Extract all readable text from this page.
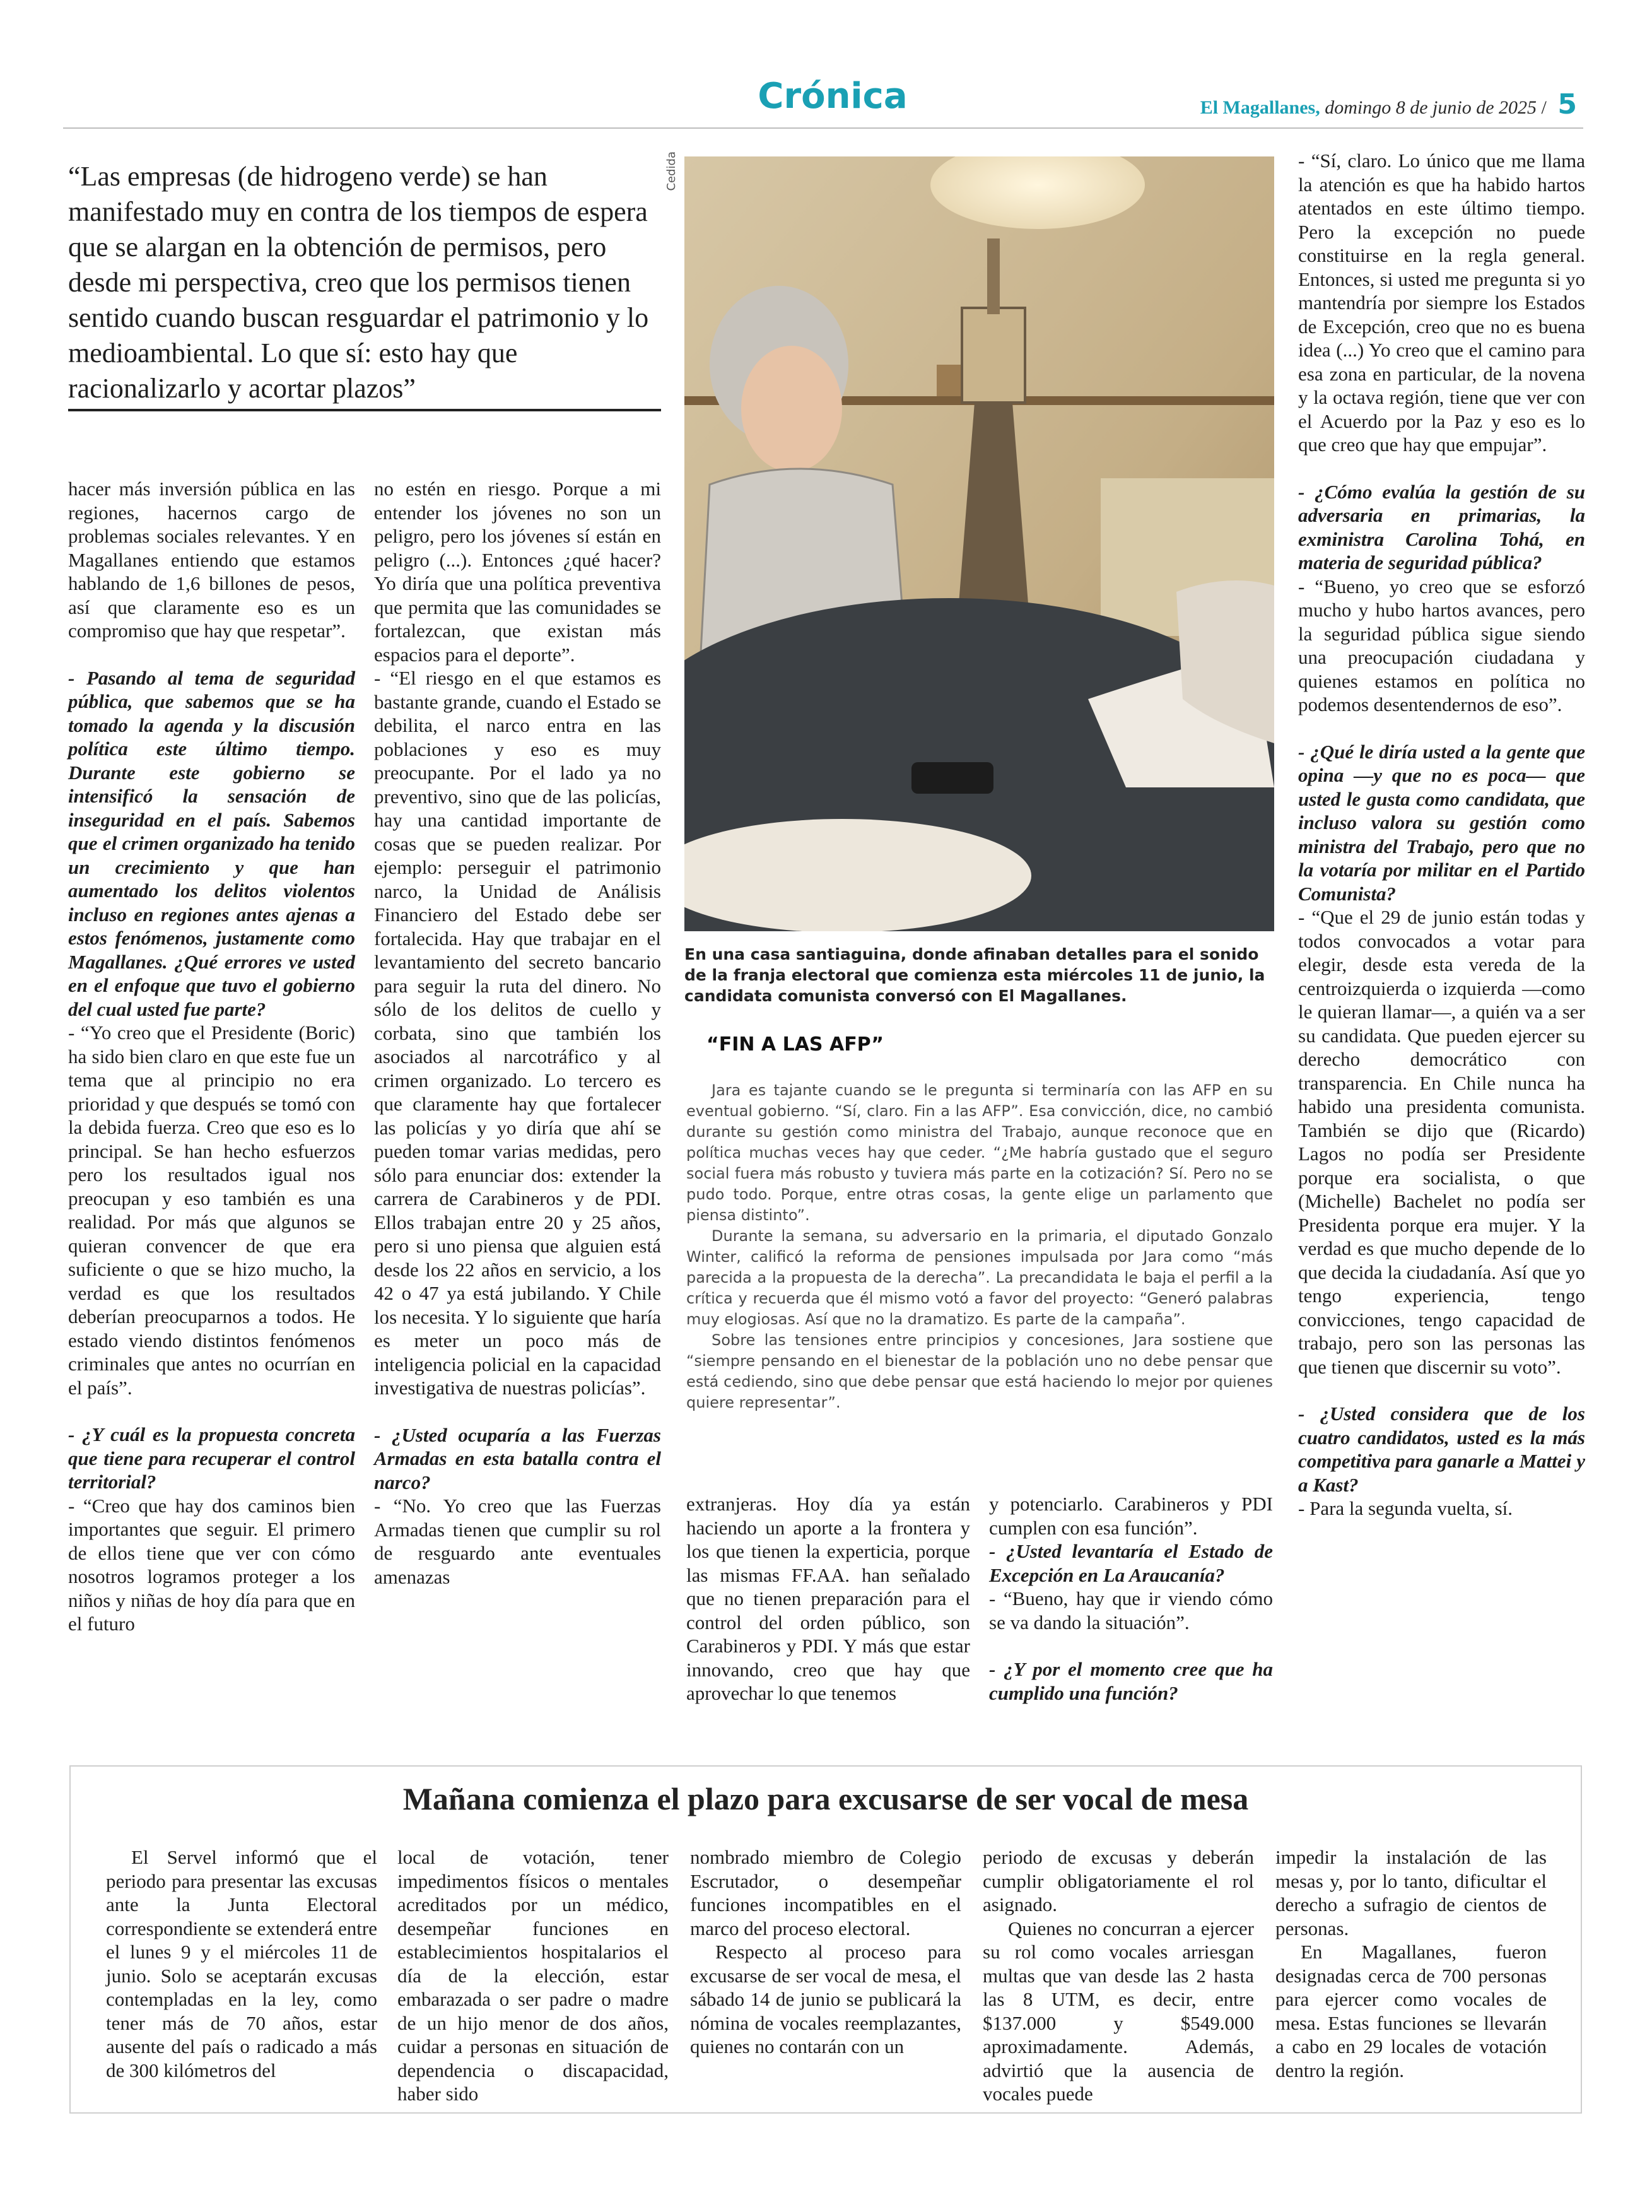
Crónica	El Magallanes, domingo 8 de junio de 2025 / 5
“Las empresas (de hidrogeno verde) se han manifestado muy en contra de los tiempos de espera que se alargan en la obtención de permisos, pero desde mi perspectiva, creo que los permisos tienen sentido cuando buscan resguardar el patrimonio y lo medioambiental. Lo que sí: esto hay que racionalizarlo y acortar plazos”

hacer más inversión pública en las regiones, hacernos cargo de problemas sociales relevantes. Y en Magallanes entiendo que estamos hablando de 1,6 billones de pesos, así que claramente eso es un compromiso que hay que respetar”.

- Pasando al tema de seguridad pública, que sabemos que se ha tomado la agenda y la discusión política este último tiempo. Durante este gobierno se intensificó la sensación de inseguridad en el país. Sabemos que el crimen organizado ha tenido un crecimiento y que han aumentado los delitos violentos incluso en regiones antes ajenas a estos fenómenos, justamente como Magallanes. ¿Qué errores ve usted en el enfoque que tuvo el gobierno del cual usted fue parte?

- “Yo creo que el Presidente (Boric) ha sido bien claro en que este fue un tema que al principio no era prioridad y que después se tomó con la debida fuerza. Creo que eso es lo principal. Se han hecho esfuerzos pero los resultados igual nos preocupan y eso también es una realidad. Por más que algunos se quieran convencer de que era suficiente o que se hizo mucho, la verdad es que los resultados deberían preocuparnos a todos. He estado viendo distintos fenómenos criminales que antes no ocurrían en el país”.

- ¿Y cuál es la propuesta concreta que tiene para recuperar el control territorial?

- “Creo que hay dos caminos bien importantes que seguir. El primero de ellos tiene que ver con cómo nosotros logramos proteger a los niños y niñas de hoy día para que en el futuro

no estén en riesgo. Porque a mi entender los jóvenes no son un peligro, pero los jóvenes sí están en peligro (...). Entonces ¿qué hacer? Yo diría que una política preventiva que permita que las comunidades se fortalezcan, que existan más espacios para el deporte”.

- “El riesgo en el que estamos es bastante grande, cuando el Estado se debilita, el narco entra en las poblaciones y eso es muy preocupante. Por el lado ya no preventivo, sino que de las policías, hay una cantidad importante de cosas que se pueden realizar. Por ejemplo: perseguir el patrimonio narco, la Unidad de Análisis Financiero del Estado debe ser fortalecida. Hay que trabajar en el levantamiento del secreto bancario para seguir la ruta del dinero. No sólo de los delitos de cuello y corbata, sino que también los asociados al narcotráfico y al crimen organizado. Lo tercero es que claramente hay que fortalecer las policías y yo diría que ahí se pueden tomar varias medidas, pero sólo para enunciar dos: extender la carrera de Carabineros y de PDI. Ellos trabajan entre 20 y 25 años, pero si uno piensa que alguien está desde los 22 años en servicio, a los 42 o 47 ya está jubilando. Y Chile los necesita. Y lo siguiente que haría es meter un poco más de inteligencia policial en la capacidad investigativa de nuestras policías”.

- ¿Usted ocuparía a las Fuerzas Armadas en esta batalla contra el narco?

- “No. Yo creo que las Fuerzas Armadas tienen que cumplir su rol de resguardo ante eventuales amenazas

Cedida
En una casa santiaguina, donde afinaban detalles para el sonido de la franja electoral que comienza esta miércoles 11 de junio, la candidata comunista conversó con El Magallanes.
“FIN A LAS AFP”

Jara es tajante cuando se le pregunta si terminaría con las AFP en su eventual gobierno. “Sí, claro. Fin a las AFP”. Esa convicción, dice, no cambió durante su gestión como ministra del Trabajo, aunque reconoce que en política muchas veces hay que ceder. “¿Me habría gustado que el seguro social fuera más robusto y tuviera más parte en la cotización? Sí. Pero no se pudo todo. Porque, entre otras cosas, la gente elige un parlamento que piensa distinto”.

Durante la semana, su adversario en la primaria, el diputado Gonzalo Winter, calificó la reforma de pensiones impulsada por Jara como “más parecida a la propuesta de la derecha”. La precandidata le baja el perfil a la crítica y recuerda que él mismo votó a favor del proyecto: “Generó palabras muy elogiosas. Así que no la dramatizo. Es parte de la campaña”.

Sobre las tensiones entre principios y concesiones, Jara sostiene que “siempre pensando en el bienestar de la población uno no debe pensar que está cediendo, sino que debe pensar que está haciendo lo mejor por quienes quiere representar”.

extranjeras. Hoy día ya están haciendo un aporte a la frontera y los que tienen la experticia, porque las mismas FF.AA. han señalado que no tienen preparación para el control del orden público, son Carabineros y PDI. Y más que estar innovando, creo que hay que aprovechar lo que tenemos

y potenciarlo. Carabineros y PDI cumplen con esa función”.

- ¿Usted levantaría el Estado de Excepción en La Araucanía?

- “Bueno, hay que ir viendo cómo se va dando la situación”.

- ¿Y por el momento cree que ha cumplido una función?

- “Sí, claro. Lo único que me llama la atención es que ha habido hartos atentados en este último tiempo. Pero la excepción no puede constituirse en la regla general. Entonces, si usted me pregunta si yo mantendría por siempre los Estados de Excepción, creo que no es buena idea (...) Yo creo que el camino para esa zona en particular, de la novena y la octava región, tiene que ver con el Acuerdo por la Paz y eso es lo que creo que hay que empujar”.

- ¿Cómo evalúa la gestión de su adversaria en primarias, la exministra Carolina Tohá, en materia de seguridad pública?

- “Bueno, yo creo que se esforzó mucho y hubo hartos avances, pero la seguridad pública sigue siendo una preocupación ciudadana y quienes estamos en política no podemos desentendernos de eso”.

- ¿Qué le diría usted a la gente que opina —y que no es poca— que usted le gusta como candidata, que incluso valora su gestión como ministra del Trabajo, pero que no la votaría por militar en el Partido Comunista?

- “Que el 29 de junio están todas y todos convocados a votar para elegir, desde esta vereda de la centroizquierda o izquierda —como le quieran llamar—, a quién va a ser su candidata. Que pueden ejercer su derecho democrático con transparencia. En Chile nunca ha habido una presidenta comunista. También se dijo que (Ricardo) Lagos no podía ser Presidente porque era socialista, o que (Michelle) Bachelet no podía ser Presidenta porque era mujer. Y la verdad es que mucho depende de lo que decida la ciudadanía. Así que yo tengo experiencia, tengo convicciones, tengo capacidad de trabajo, pero son las personas las que tienen que discernir su voto”.

- ¿Usted considera que de los cuatro candidatos, usted es la más competitiva para ganarle a Mattei y a Kast?

- Para la segunda vuelta, sí.

Mañana comienza el plazo para excusarse de ser vocal de mesa

El Servel informó que el periodo para presentar las excusas ante la Junta Electoral correspondiente se extenderá entre el lunes 9 y el miércoles 11 de junio. Solo se aceptarán excusas contempladas en la ley, como tener más de 70 años, estar ausente del país o radicado a más de 300 kilómetros del

local de votación, tener impedimentos físicos o mentales acreditados por un médico, desempeñar funciones en establecimientos hospitalarios el día de la elección, estar embarazada o ser padre o madre de un hijo menor de dos años, cuidar a personas en situación de dependencia o discapacidad, haber sido

nombrado miembro de Colegio Escrutador, o desempeñar funciones incompatibles en el marco del proceso electoral.

Respecto al proceso para excusarse de ser vocal de mesa, el sábado 14 de junio se publicará la nómina de vocales reemplazantes, quienes no contarán con un

periodo de excusas y deberán cumplir obligatoriamente el rol asignado.

Quienes no concurran a ejercer su rol como vocales arriesgan multas que van desde las 2 hasta las 8 UTM, es decir, entre $137.000 y $549.000 aproximadamente. Además, advirtió que la ausencia de vocales puede

impedir la instalación de las mesas y, por lo tanto, dificultar el derecho a sufragio de cientos de personas.

En Magallanes, fueron designadas cerca de 700 personas para ejercer como vocales de mesa. Estas funciones se llevarán a cabo en 29 locales de votación dentro la región.
